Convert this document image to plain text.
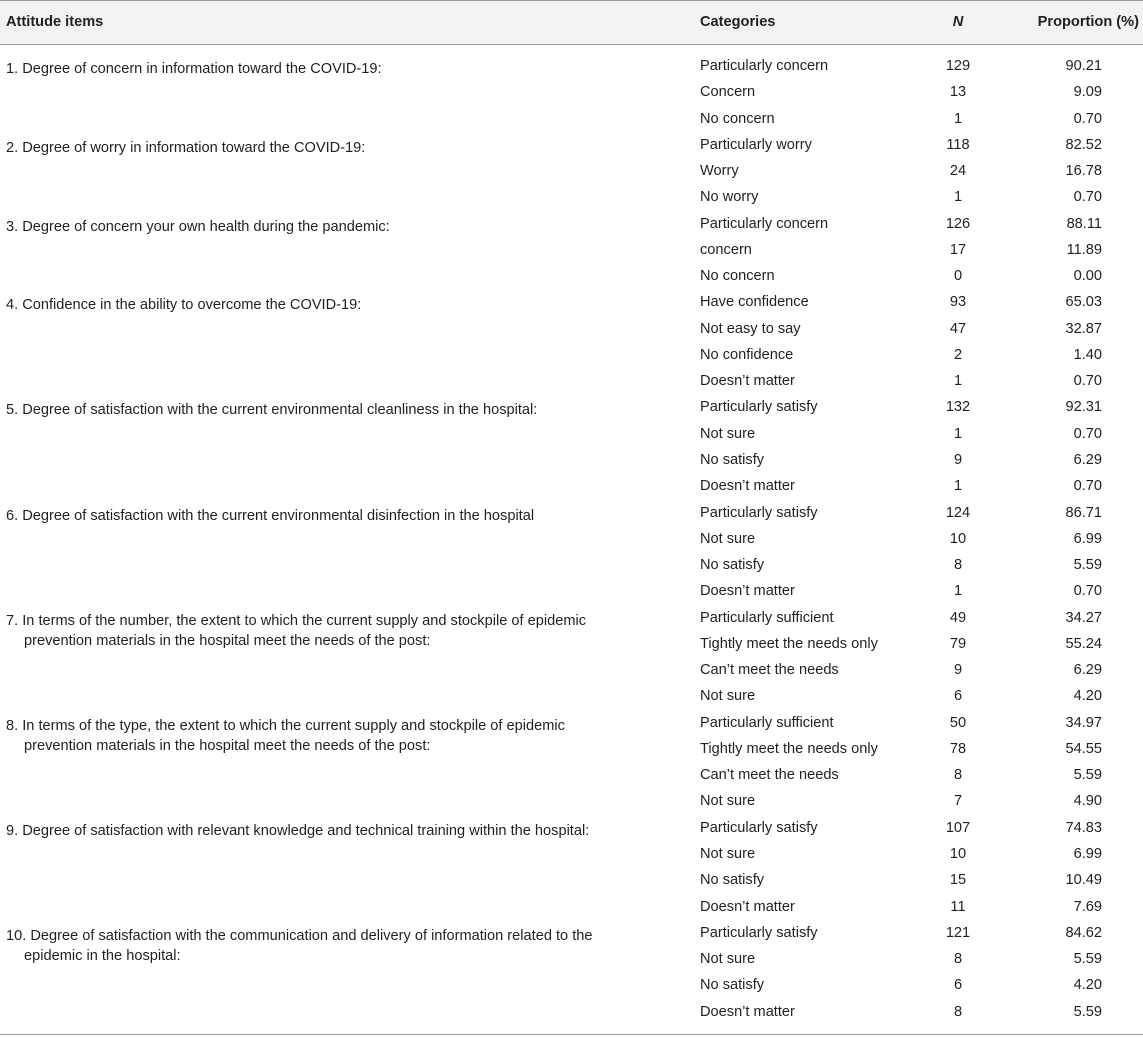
Attitude items	Categories	N	Proportion (%)
1. Degree of concern in information toward the COVID-19:	Particularly concern	129	90.21
Concern	13	9.09
No concern	1	0.70
2. Degree of worry in information toward the COVID-19:	Particularly worry	118	82.52
Worry	24	16.78
No worry	1	0.70
3. Degree of concern your own health during the pandemic:	Particularly concern	126	88.11
concern	17	11.89
No concern	0	0.00
4. Confidence in the ability to overcome the COVID-19:	Have confidence	93	65.03
Not easy to say	47	32.87
No confidence	2	1.40
Doesn’t matter	1	0.70
5. Degree of satisfaction with the current environmental cleanliness in the hospital:	Particularly satisfy	132	92.31
Not sure	1	0.70
No satisfy	9	6.29
Doesn’t matter	1	0.70
6. Degree of satisfaction with the current environmental disinfection in the hospital	Particularly satisfy	124	86.71
Not sure	10	6.99
No satisfy	8	5.59
Doesn’t matter	1	0.70
7. In terms of the number, the extent to which the current supply and stockpile of epidemic prevention materials in the hospital meet the needs of the post:
Particularly sufficient	49	34.27
Tightly meet the needs only	79	55.24
Can’t meet the needs	9	6.29
Not sure	6	4.20
8. In terms of the type, the extent to which the current supply and stockpile of epidemic prevention materials in the hospital meet the needs of the post:
Particularly sufficient	50	34.97
Tightly meet the needs only	78	54.55
Can’t meet the needs	8	5.59
Not sure	7	4.90
9. Degree of satisfaction with relevant knowledge and technical training within the hospital:	Particularly satisfy	107	74.83
Not sure	10	6.99
No satisfy	15	10.49
Doesn’t matter	11	7.69
10. Degree of satisfaction with the communication and delivery of information related to the epidemic in the hospital:
Particularly satisfy	121	84.62
Not sure	8	5.59
No satisfy	6	4.20
Doesn’t matter	8	5.59
